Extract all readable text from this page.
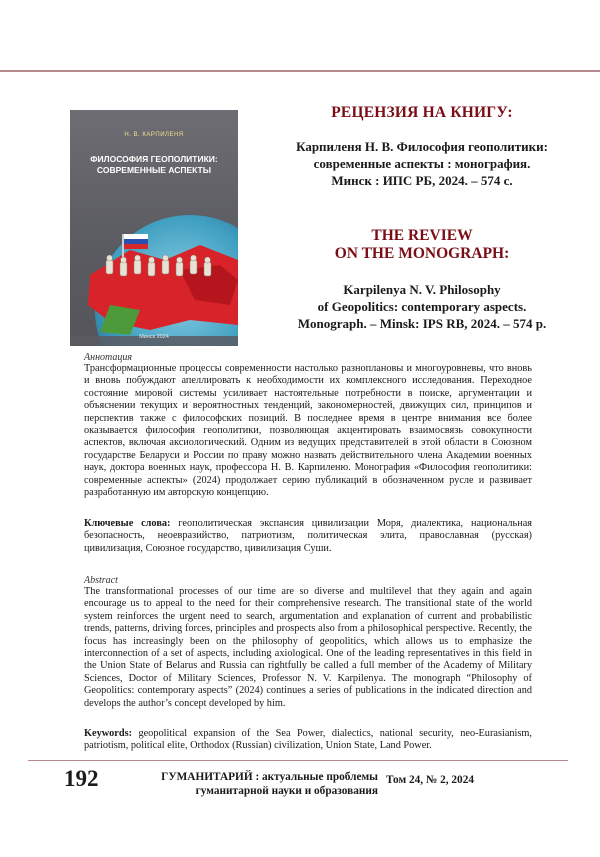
Н. В. КАРПИЛЕНЯ
ФИЛОСОФИЯ ГЕОПОЛИТИКИ:
СОВРЕМЕННЫЕ АСПЕКТЫ
Минск 2024
РЕЦЕНЗИЯ НА КНИГУ:
Карпиленя Н. В. Философия геополитики:
современные аспекты : монография.
Минск : ИПС РБ, 2024. – 574 с.
THE REVIEW
ON THE MONOGRAPH:
Karpilenya N. V. Philosophy
of Geopolitics: contemporary aspects.
Monograph. – Minsk: IPS RB, 2024. – 574 p.
Аннотация

Трансформационные процессы современности настолько разноплановы и многоуровневы, что вновь и вновь побуждают апеллировать к необходимости их комплексного исследования. Переходное состояние мировой системы усиливает настоятельные потребности в поиске, аргументации и объяснении текущих и вероятностных тенденций, закономерностей, движущих сил, принципов и перспектив также с философских позиций. В последнее время в центре внимания все более оказывается философия геополитики, позволяющая акцентировать взаимосвязь совокупности аспектов, включая аксиологический. Одним из ведущих представителей в этой области в Союзном государстве Беларуси и России по праву можно назвать действительного члена Академии военных наук, доктора военных наук, профессора Н. В. Карпиленю. Монография «Философия геополитики: современные аспекты» (2024) продолжает серию публикаций в обозначенном русле и развивает разработанную им авторскую концепцию.

Ключевые слова: геополитическая экспансия цивилизации Моря, диалектика, национальная безопасность, неоевразийство, патриотизм, политическая элита, православная (русская) цивилизация, Союзное государство, цивилизация Суши.

Abstract

The transformational processes of our time are so diverse and multilevel that they again and again encourage us to appeal to the need for their comprehensive research. The transitional state of the world system reinforces the urgent need to search, argumentation and explanation of current and probabilistic trends, patterns, driving forces, principles and prospects also from a philosophical perspective. Recently, the focus has increasingly been on the philosophy of geopolitics, which allows us to emphasize the interconnection of a set of aspects, including axiological. One of the leading representatives in this field in the Union State of Belarus and Russia can rightfully be called a full member of the Academy of Military Sciences, Doctor of Military Sciences, Professor N. V. Karpilenya. The monograph “Philosophy of Geopolitics: contemporary aspects” (2024) continues a series of publications in the indicated direction and develops the author’s concept developed by him.

Keywords: geopolitical expansion of the Sea Power, dialectics, national security, neo-Eurasianism, patriotism, political elite, Orthodox (Russian) civilization, Union State, Land Power.

192	ГУМАНИТАРИЙ : актуальные проблемы
гуманитарной науки и образования
Том 24, № 2, 2024
